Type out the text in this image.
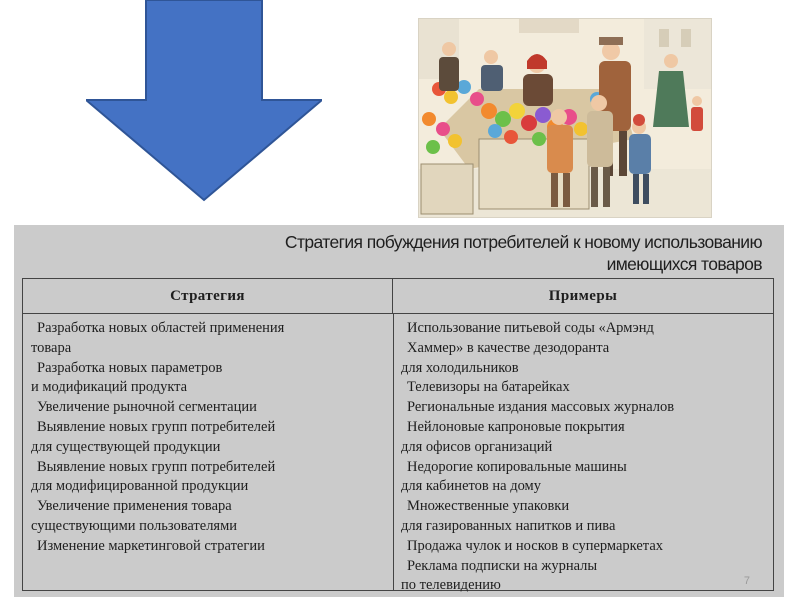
Стратегия побуждения потребителей к новому использованию
имеющихся товаров
Стратегия	Примеры
Разработка новых областей применения
товара
Разработка новых параметров
и модификаций продукта
Увеличение рыночной сегментации
Выявление новых групп потребителей
для существующей продукции
Выявление новых групп потребителей
для модифицированной продукции
Увеличение применения товара
существующими пользователями
Изменение маркетинговой стратегии
Использование питьевой соды «Армэнд
Хаммер» в качестве дезодоранта
для холодильников
Телевизоры на батарейках
Региональные издания массовых журналов
Нейлоновые капроновые покрытия
для офисов организаций
Недорогие копировальные машины
для кабинетов на дому
Множественные упаковки
для газированных напитков и пива
Продажа чулок и носков в супермаркетах
Реклама подписки на журналы
по телевидению	7
